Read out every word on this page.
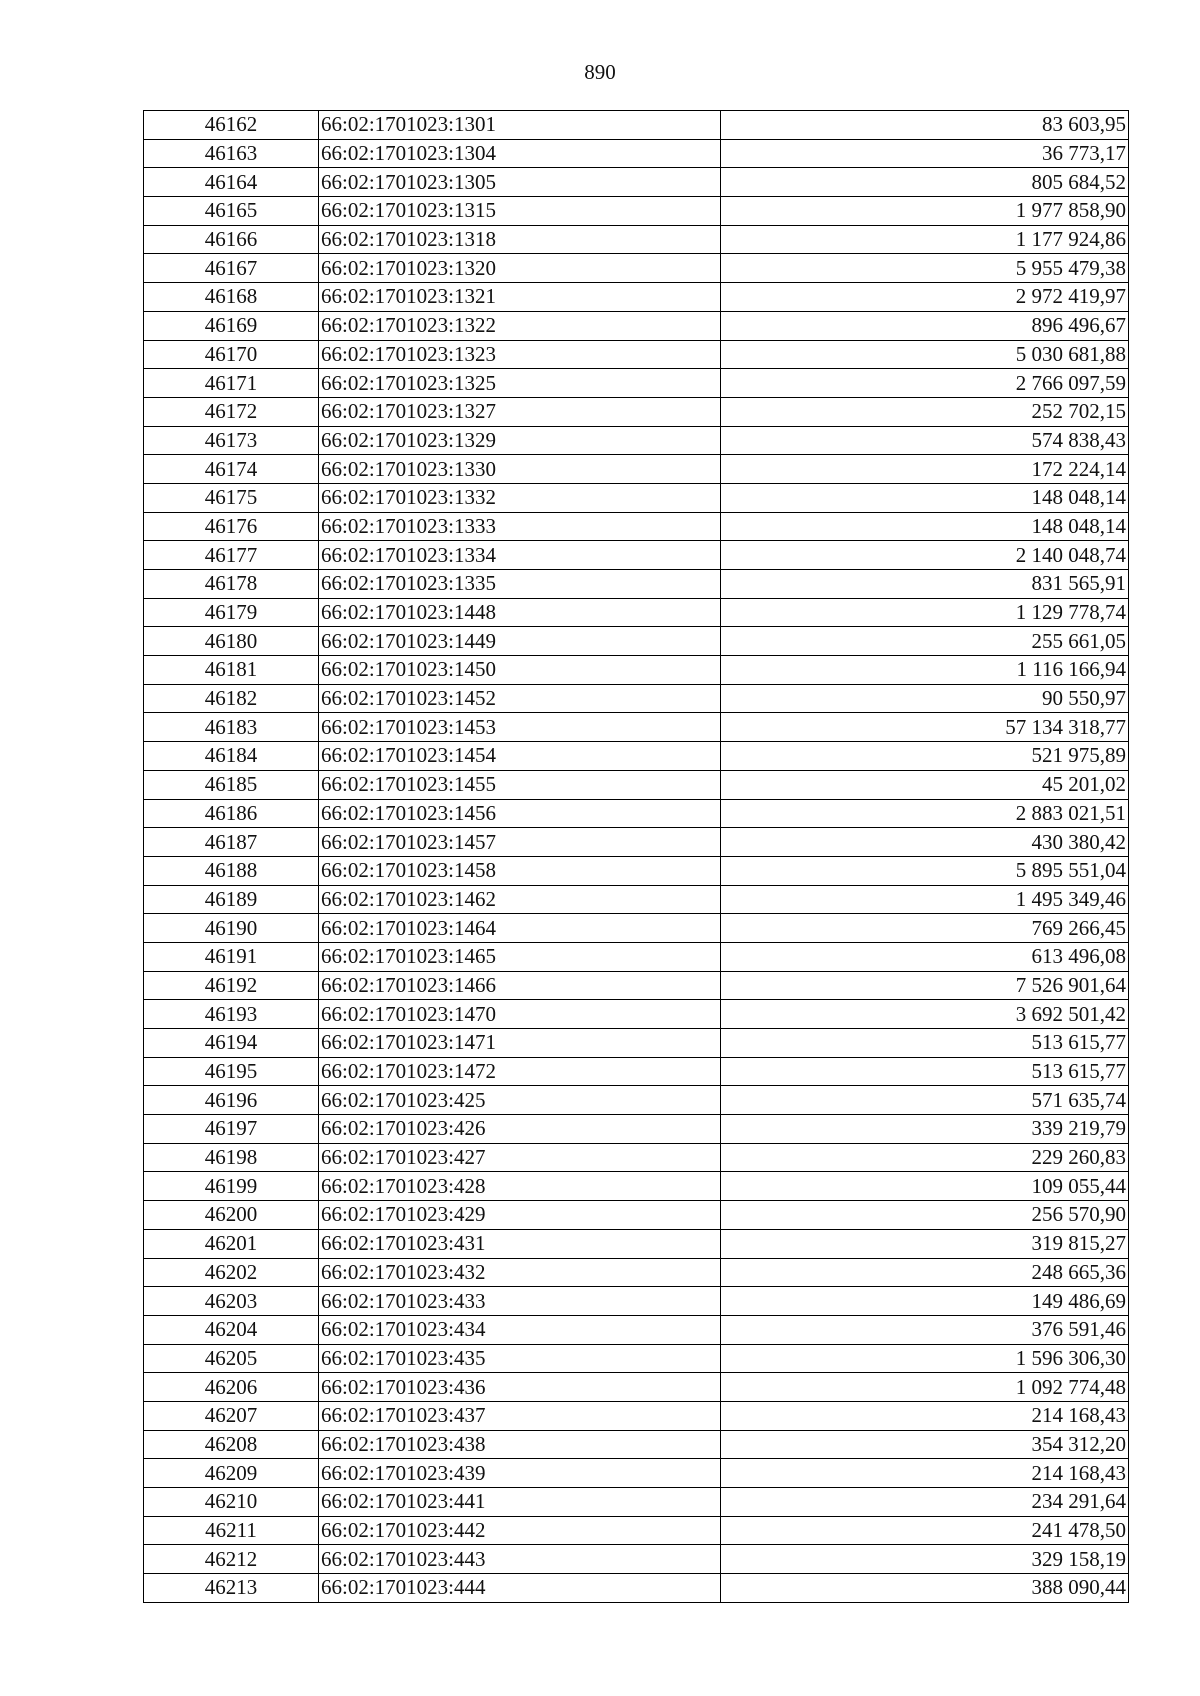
890
46162	66:02:1701023:1301	83 603,95
46163	66:02:1701023:1304	36 773,17
46164	66:02:1701023:1305	805 684,52
46165	66:02:1701023:1315	1 977 858,90
46166	66:02:1701023:1318	1 177 924,86
46167	66:02:1701023:1320	5 955 479,38
46168	66:02:1701023:1321	2 972 419,97
46169	66:02:1701023:1322	896 496,67
46170	66:02:1701023:1323	5 030 681,88
46171	66:02:1701023:1325	2 766 097,59
46172	66:02:1701023:1327	252 702,15
46173	66:02:1701023:1329	574 838,43
46174	66:02:1701023:1330	172 224,14
46175	66:02:1701023:1332	148 048,14
46176	66:02:1701023:1333	148 048,14
46177	66:02:1701023:1334	2 140 048,74
46178	66:02:1701023:1335	831 565,91
46179	66:02:1701023:1448	1 129 778,74
46180	66:02:1701023:1449	255 661,05
46181	66:02:1701023:1450	1 116 166,94
46182	66:02:1701023:1452	90 550,97
46183	66:02:1701023:1453	57 134 318,77
46184	66:02:1701023:1454	521 975,89
46185	66:02:1701023:1455	45 201,02
46186	66:02:1701023:1456	2 883 021,51
46187	66:02:1701023:1457	430 380,42
46188	66:02:1701023:1458	5 895 551,04
46189	66:02:1701023:1462	1 495 349,46
46190	66:02:1701023:1464	769 266,45
46191	66:02:1701023:1465	613 496,08
46192	66:02:1701023:1466	7 526 901,64
46193	66:02:1701023:1470	3 692 501,42
46194	66:02:1701023:1471	513 615,77
46195	66:02:1701023:1472	513 615,77
46196	66:02:1701023:425	571 635,74
46197	66:02:1701023:426	339 219,79
46198	66:02:1701023:427	229 260,83
46199	66:02:1701023:428	109 055,44
46200	66:02:1701023:429	256 570,90
46201	66:02:1701023:431	319 815,27
46202	66:02:1701023:432	248 665,36
46203	66:02:1701023:433	149 486,69
46204	66:02:1701023:434	376 591,46
46205	66:02:1701023:435	1 596 306,30
46206	66:02:1701023:436	1 092 774,48
46207	66:02:1701023:437	214 168,43
46208	66:02:1701023:438	354 312,20
46209	66:02:1701023:439	214 168,43
46210	66:02:1701023:441	234 291,64
46211	66:02:1701023:442	241 478,50
46212	66:02:1701023:443	329 158,19
46213	66:02:1701023:444	388 090,44
